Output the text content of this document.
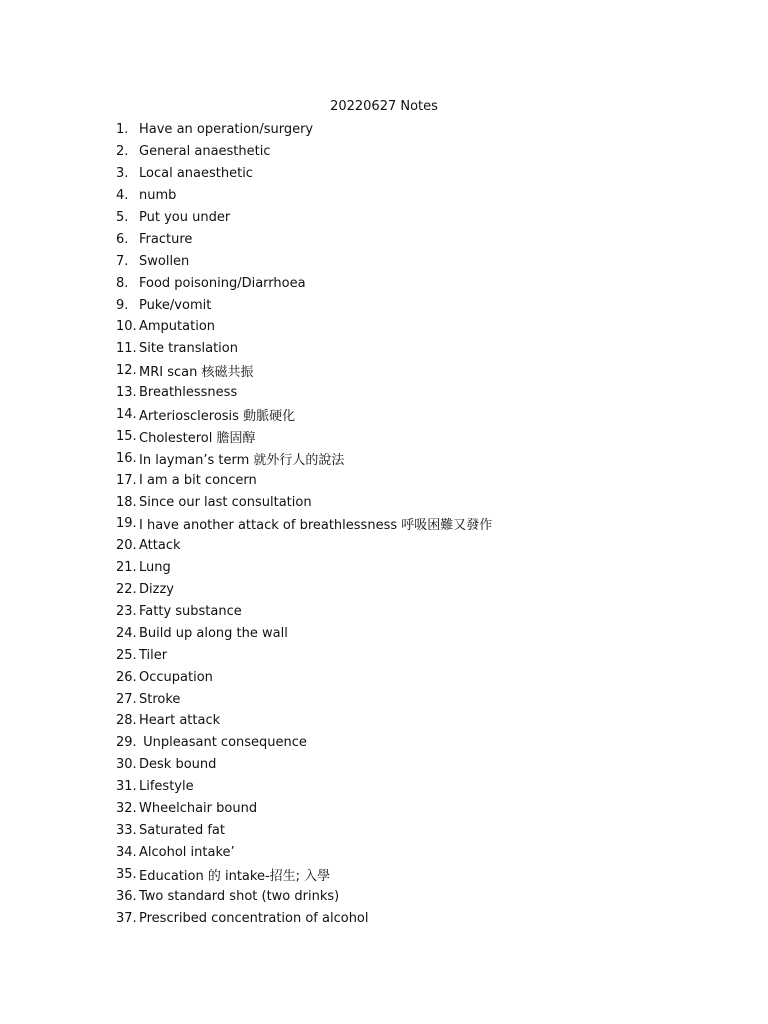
20220627 Notes
1. Have an operation/surgery
2. General anaesthetic
3. Local anaesthetic
4. numb
5. Put you under
6. Fracture
7. Swollen
8. Food poisoning/Diarrhoea
9. Puke/vomit
10. Amputation
11. Site translation
12. MRI scan 核磁共振
13. Breathlessness
14. Arteriosclerosis 動脈硬化
15. Cholesterol 膽固醇
16. In layman’s term 就外行人的說法
17. I am a bit concern
18. Since our last consultation
19. I have another attack of breathlessness 呼吸困難又發作
20. Attack
21. Lung
22. Dizzy
23. Fatty substance
24. Build up along the wall
25. Tiler
26. Occupation
27. Stroke
28. Heart attack
29. Unpleasant consequence
30. Desk bound
31. Lifestyle
32. Wheelchair bound
33. Saturated fat
34. Alcohol intake’
35. Education 的 intake-招生; 入學
36. Two standard shot (two drinks)
37. Prescribed concentration of alcohol
